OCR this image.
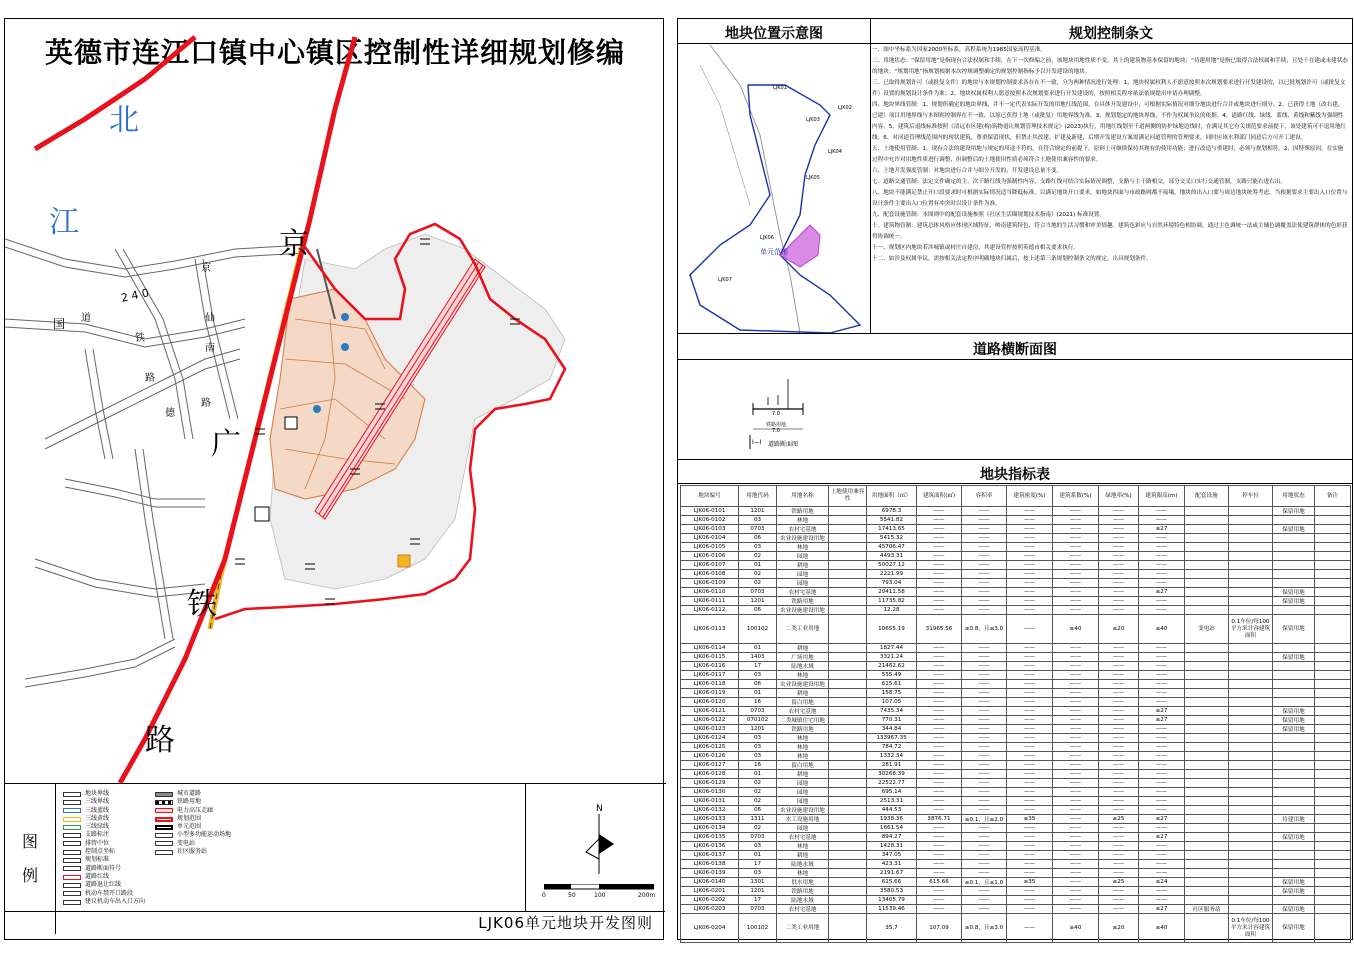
英德市连江口镇中心镇区控制性详细规划修编
北
江
京
广
铁
路
2 4 0
国 道
京
仙
南
路
铁
德
路
图
例
地块界线
三线界线
三线蓝线
三线黄线
三线绿线
支路标注
排管中位
控制点坐标
规划标准
道路断面符号
道路红线
道路退让红线
机动车禁开口路段
建议机动车出入口方向
城市道路
铁路用地
电力高压走廊
规划范围
单元范围
小型多功能运动场地
变电站
社区服务站
N
0	50	100	200m
LJK06单元地块开发图则
地块位置示意图	规划控制条文
LJK01
LJK02
LJK03
LJK04
LJK05
LJK06
LJK07
单元范围

一、图中坐标系为国家2000坐标系，高程系统为1985国家高程基准。

二、用地状态：“保留用地”是指现有合法权属和手续，在下一次修编之前，该地块用地性质不变，其上的建筑物基本保留的地块；“待建用地”是指已取得合法权属和手续，且处于在建或未建状态的地块；“规划用地”指规划根据本次控规调整确定的规划控制指标予以开发建设的地块。

三、已取得规划许可（或批复文件）的地块与本规划控制要求各存在不一致，分为两种情况进行处理：1、地块权属权利人不愿意按照本次规划要求进行开发建设的，以已批规划许可（或批复文件）设置的规划设计条件为准；2、地块权属权利人愿意按照本次规划要求进行开发建设的，按照相关程序依法依规提出申请办理调整。

四、地块界线管制：1、规划所确定的地块界线，并不一定代表实际开发的用地红线范围，在具体开发建设中，可根据实际情况对细分地块进行合并或地块进行细分。2、已获得土地（改右建，已建）项目用地界线与本图则控制界在不一致，以原已获得土地（或批复）用地界线为准。3、规划划定的地块界线，不作为权属争议的依据。4、道路红线、绿线、蓝线、黄线和紫线为强制性内容。5、建筑后退线标准按照《清远市区建(构)筑物退让规划管理技术规定》(2023)执行，用地红线划至千道两侧的防护绿地边线时，在满足其它有关规范要求前提下，该处建筑可不退用地红线。6、对河道管理线范围内的现状建筑，尊重保留现状，但禁止其改建、扩建及新建，后期开发建设方案需满足河道管理的管理要求，同时应该水利部门同意后方可开工建设。

五、土地使用管制：1、现有合法的建设用地与规定的用途不符的，在符合规定的前提下，原则上可继续保持其现有的使用功能；进行改造与重建时，必须与规划相符。2、因特殊原因，在实施过程中允许对用地性质进行调整，但调整后的土地使用性质必须符合土地使用兼容性的要求。

六、土地开发强度管制：对地块进行合并与细分开发的，开发建设总量不变。

七、道路交通管制：法定文件确定的主、次干路红线为强制性内容，支路红线可结合实际情况调整，支路与主干路相交，部分交叉口实行交通管制，支路只能右进右出。

八、地块不能满足禁止开口段要求时可根据实际情况适当降低标准，以满足地块开口要求。如地块四面与市政路网都不接壤，地块的出入口要与周边地块统筹考虑，当根据要求主要出入口位置与设计条件主要出入口位置有冲突时以设计条件为准。

九、配套设施管制：本图则中的配套设施参照《社区生活圈规划技术指南》(2021) 标准设置。

十、建筑物管制：建筑总体风格应体现区域特征，岭南建筑特色，符合当地的生活习惯和审美情趣。建筑色彩应与自然环境特色相协调，通过主色调统一法或主辅色调覆盖法使建筑群体的色彩获得协调统一。

十一、规划区内地块若涉城镇或村庄自建房，其建设管控按照英德市相关要求执行。

十二、如涉及权属争议，需按相关法定程序明确地块归属后，按上述第三条规划控制条文的规定，出具规划条件。

道路横断面图
7.0
铁路用地
7.0
I—I 道路断面图
地块指标表
地块编号	用地代码	用地名称	土地使用兼容性	用地面积（㎡）	建筑面积(㎡)	容积率	建筑密度(%)	建筑系数(%)	绿地率(%)	建筑限高(m)	配套设施	停车位	用地状态	备注
LJK06-0101	1201	铁路用地		6978.3	——	——	——	——	——	——			保留用地	
LJK06-0102	03	林地		5541.82	——	——	——	——	——	——				
LJK06-0103	0703	农村宅基地		17413.65	——	——	——	——	——	≤27			保留用地	
LJK06-0104	06	农业设施建设用地		5415.32	——	——	——	——	——	——				
LJK06-0105	03	林地		45706.47	——	——	——	——	——	——				
LJK06-0106	02	园地		4493.31	——	——	——	——	——	——				
LJK06-0107	01	耕地		50027.12	——	——	——	——	——	——				
LJK06-0108	02	园地		2221.99	——	——	——	——	——	——				
LJK06-0109	02	园地		793.04	——	——	——	——	——	——				
LJK06-0110	0703	农村宅基地		20411.58	——	——	——	——	——	≤27			保留用地	
LJK06-0111	1201	铁路用地		11735.82	——	——	——	——	——	——			保留用地	
LJK06-0112	06	农业设施建设用地		12.28	——	——	——	——	——	——				
LJK06-0113	100102	二类工业用地		10655.19	31965.56	≥0.8，且≤3.0	——	≥40	≤20	≤40	变电站	0.1车位/每100平方米计容建筑面积	保留用地	
LJK06-0114	01	耕地		1827.44	——	——	——	——	——	——				
LJK06-0115	1403	广场用地		3321.24	——	——	——	——	——	——			保留用地	
LJK06-0116	17	陆地水域		21462.62	——	——	——	——	——	——				
LJK06-0117	03	林地		535.49	——	——	——	——	——	——				
LJK06-0118	06	农业设施建设用地		615.61	——	——	——	——	——	——				
LJK06-0119	01	耕地		158.75	——	——	——	——	——	——				
LJK06-0120	16	留白用地		107.05	——	——	——	——	——	——				
LJK06-0121	0703	农村宅基地		7435.34	——	——	——	——	——	≤27			保留用地	
LJK06-0122	070102	二类城镇住宅用地		770.31	——	——	——	——	——	≤27			保留用地	
LJK06-0123	1201	铁路用地		344.84	——	——	——	——	——	——			保留用地	
LJK06-0124	03	林地		133967.35	——	——	——	——	——	——				
LJK06-0125	03	林地		784.72	——	——	——	——	——	——				
LJK06-0126	03	林地		1332.34	——	——	——	——	——	——				
LJK06-0127	16	留白用地		281.91	——	——	——	——	——	——				
LJK06-0128	01	耕地		30268.39	——	——	——	——	——	——				
LJK06-0129	02	园地		22522.77	——	——	——	——	——	——				
LJK06-0130	02	园地		695.14	——	——	——	——	——	——				
LJK06-0131	02	园地		2513.31	——	——	——	——	——	——				
LJK06-0132	06	农业设施建设用地		444.53	——	——	——	——	——	——				
LJK06-0133	1311	水工设施用地		1938.36	3876.71	≥0.1，且≤2.0	≤35	——	≥25	≤27			待建用地	
LJK06-0134	02	园地		1661.54	——	——	——	——	——	——				
LJK06-0135	0703	农村宅基地		894.27	——	——	——	——	——	≤27			保留用地	
LJK06-0136	03	林地		1428.31	——	——	——	——	——	——				
LJK06-0137	01	耕地		347.05	——	——	——	——	——	——				
LJK06-0138	17	陆地水域		423.31	——	——	——	——	——	——				
LJK06-0139	03	林地		2191.67	——	——	——	——	——	——				
LJK06-0140	1301	供水用地		615.66	615.66	≥0.1，且≤1.0	≤35	——	≥25	≤24			保留用地	
LJK06-0201	1201	铁路用地		3580.53	——	——	——	——	——	——			保留用地	
LJK06-0202	17	陆地水域		13405.79	——	——	——	——	——	——				
LJK06-0203	0703	农村宅基地		11539.46	——	——	——	——	——	≤27	社区服务站		保留用地	
LJK06-0204	100102	二类工业用地		35.7	107.09	≥0.8，且≤3.0	——	≥40	≤20	≤40		0.1车位/每100平方米计容建筑面积	保留用地	
